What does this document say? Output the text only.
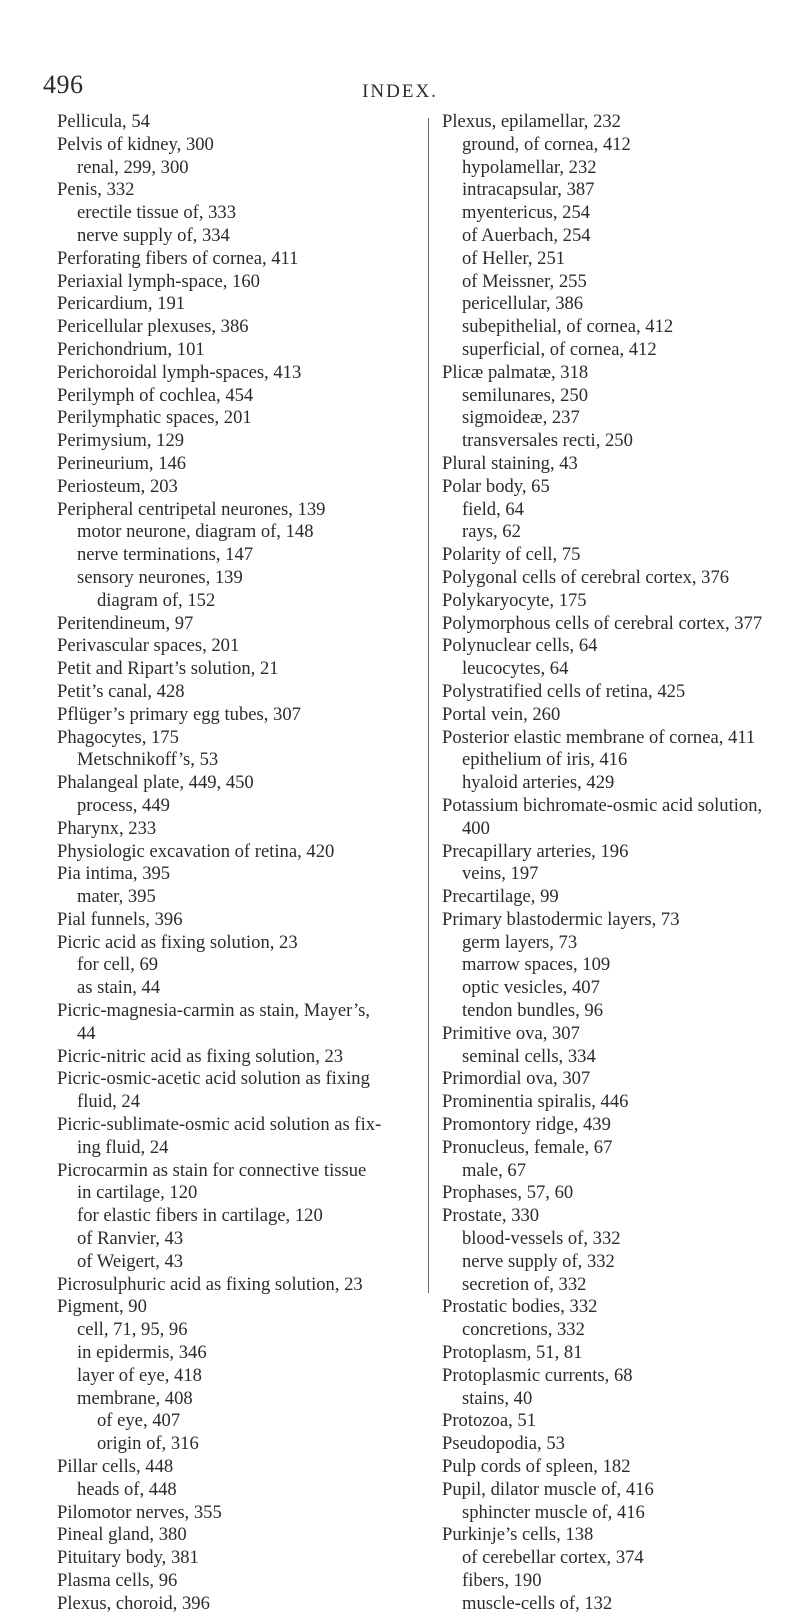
496	INDEX.
Pellicula, 54
Pelvis of kidney, 300
renal, 299, 300
Penis, 332
erectile tissue of, 333
nerve supply of, 334
Perforating fibers of cornea, 411
Periaxial lymph-space, 160
Pericardium, 191
Pericellular plexuses, 386
Perichondrium, 101
Perichoroidal lymph-spaces, 413
Perilymph of cochlea, 454
Perilymphatic spaces, 201
Perimysium, 129
Perineurium, 146
Periosteum, 203
Peripheral centripetal neurones, 139
motor neurone, diagram of, 148
nerve terminations, 147
sensory neurones, 139
diagram of, 152
Peritendineum, 97
Perivascular spaces, 201
Petit and Ripart’s solution, 21
Petit’s canal, 428
Pflüger’s primary egg tubes, 307
Phagocytes, 175
Metschnikoff’s, 53
Phalangeal plate, 449, 450
process, 449
Pharynx, 233
Physiologic excavation of retina, 420
Pia intima, 395
mater, 395
Pial funnels, 396
Picric acid as fixing solution, 23
for cell, 69
as stain, 44
Picric-magnesia-carmin as stain, Mayer’s,
44
Picric-nitric acid as fixing solution, 23
Picric-osmic-acetic acid solution as fixing
fluid, 24
Picric-sublimate-osmic acid solution as fix-
ing fluid, 24
Picrocarmin as stain for connective tissue
in cartilage, 120
for elastic fibers in cartilage, 120
of Ranvier, 43
of Weigert, 43
Picrosulphuric acid as fixing solution, 23
Pigment, 90
cell, 71, 95, 96
in epidermis, 346
layer of eye, 418
membrane, 408
of eye, 407
origin of, 316
Pillar cells, 448
heads of, 448
Pilomotor nerves, 355
Pineal gland, 380
Pituitary body, 381
Plasma cells, 96
Plexus, choroid, 396
Plexus, epilamellar, 232
ground, of cornea, 412
hypolamellar, 232
intracapsular, 387
myentericus, 254
of Auerbach, 254
of Heller, 251
of Meissner, 255
pericellular, 386
subepithelial, of cornea, 412
superficial, of cornea, 412
Plicæ palmatæ, 318
semilunares, 250
sigmoideæ, 237
transversales recti, 250
Plural staining, 43
Polar body, 65
field, 64
rays, 62
Polarity of cell, 75
Polygonal cells of cerebral cortex, 376
Polykaryocyte, 175
Polymorphous cells of cerebral cortex, 377
Polynuclear cells, 64
leucocytes, 64
Polystratified cells of retina, 425
Portal vein, 260
Posterior elastic membrane of cornea, 411
epithelium of iris, 416
hyaloid arteries, 429
Potassium bichromate-osmic acid solution,
400
Precapillary arteries, 196
veins, 197
Precartilage, 99
Primary blastodermic layers, 73
germ layers, 73
marrow spaces, 109
optic vesicles, 407
tendon bundles, 96
Primitive ova, 307
seminal cells, 334
Primordial ova, 307
Prominentia spiralis, 446
Promontory ridge, 439
Pronucleus, female, 67
male, 67
Prophases, 57, 60
Prostate, 330
blood-vessels of, 332
nerve supply of, 332
secretion of, 332
Prostatic bodies, 332
concretions, 332
Protoplasm, 51, 81
Protoplasmic currents, 68
stains, 40
Protozoa, 51
Pseudopodia, 53
Pulp cords of spleen, 182
Pupil, dilator muscle of, 416
sphincter muscle of, 416
Purkinje’s cells, 138
of cerebellar cortex, 374
fibers, 190
muscle-cells of, 132
